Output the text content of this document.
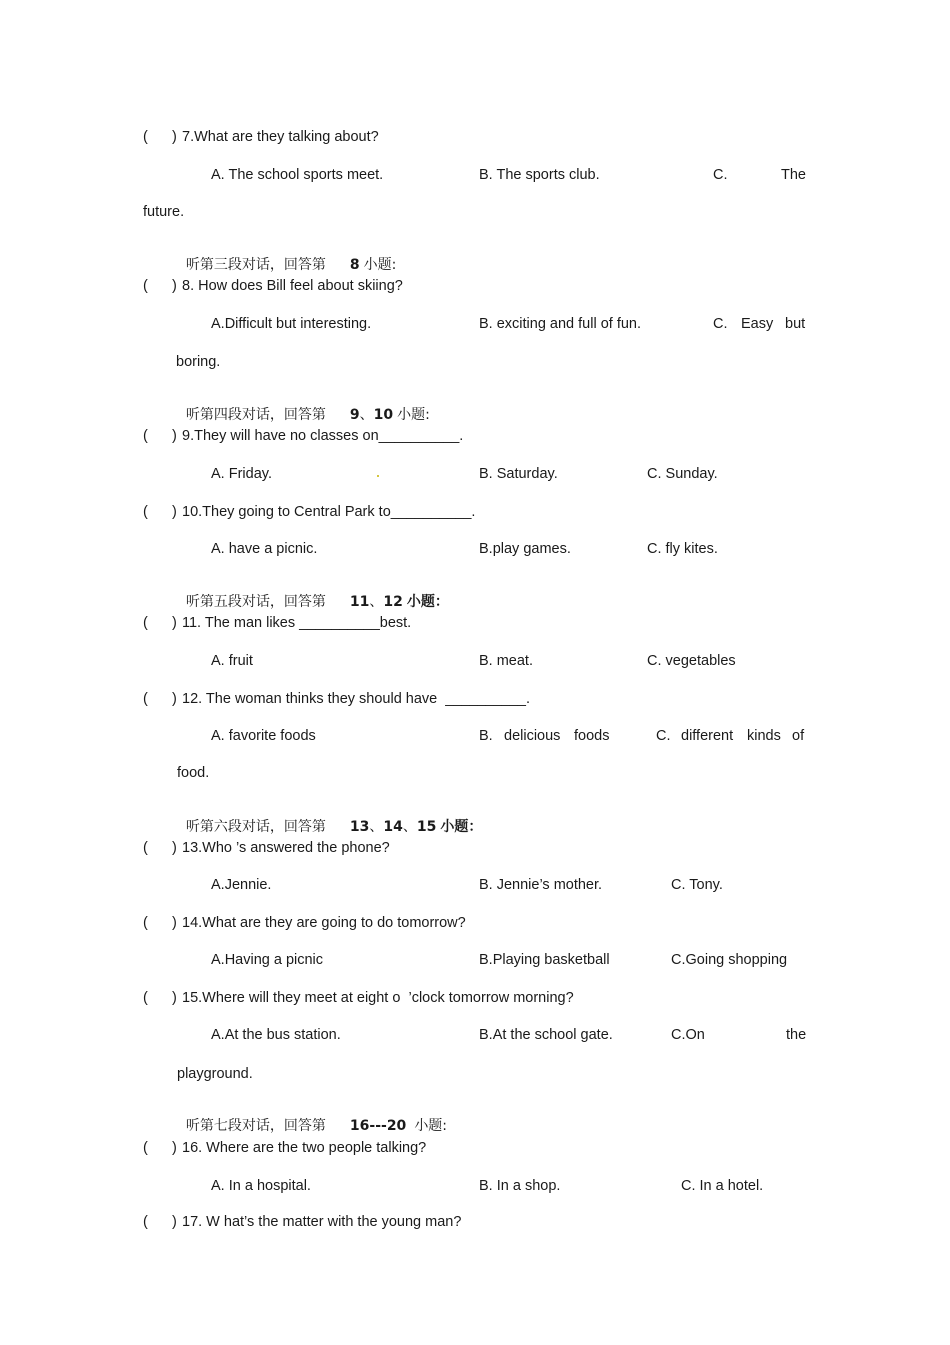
(      ) 7.What are they talking about?
A. The school sports meet.	B. The sports club.	C.	The
future.

听第三段对话，回答第 8 小题:

(      ) 8. How does Bill feel about skiing?
A.Difficult but interesting.	B. exciting and full of fun.	C. Easy but
boring.

听第四段对话，回答第 9、10 小题:

(      ) 9.They will have no classes on__________.
A. Friday.	B. Saturday.	C. Sunday.
(      ) 10.They going to Central Park to__________.
A. have a picnic.	B.play games.	C. fly kites.

听第五段对话，回答第 11、12 小题：

(      ) 11. The man likes __________best.
A. fruit	B. meat.	C. vegetables
(      ) 12. The woman thinks they should have  __________.
A. favorite foods	B. delicious foods	C. different kinds of
food.

听第六段对话，回答第 13、14、15 小题：

(      ) 13.Who ’s answered the phone?
A.Jennie.	B. Jennie’s mother.	C. Tony.
(      ) 14.What are they are going to do tomorrow?
A.Having a picnic	B.Playing basketball	C.Going shopping
(      ) 15.Where will they meet at eight o  ’clock tomorrow morning?
A.At the bus station.	B.At the school gate.	C.On	the
playground.

听第七段对话，回答第 16---20 小题:

(      ) 16. Where are the two people talking?
A. In a hospital.	B. In a shop.	C. In a hotel.
(      ) 17. W hat’s the matter with the young man?
